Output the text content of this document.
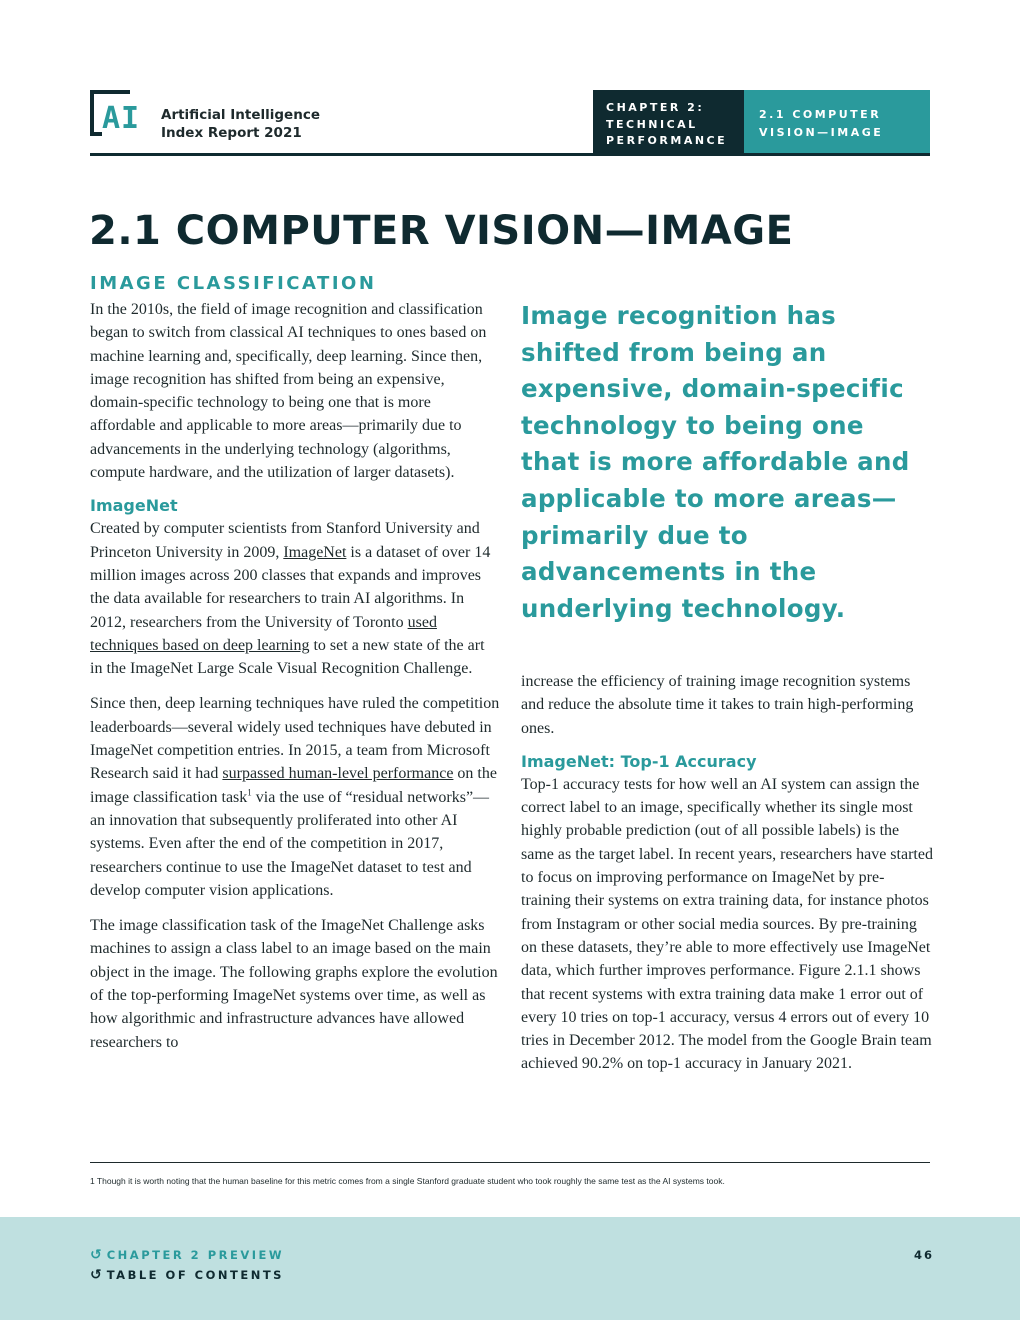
AI Artificial Intelligence
Index Report 2021
CHAPTER 2:
TECHNICAL
PERFORMANCE
2.1 COMPUTER
VISION—IMAGE
2.1 COMPUTER VISION—IMAGE
IMAGE CLASSIFICATION

In the 2010s, the field of image recognition and classification began to switch from classical AI techniques to ones based on machine learning and, specifically, deep learning. Since then, image recognition has shifted from being an expensive, domain-specific technology to being one that is more affordable and applicable to more areas—primarily due to advancements in the underlying technology (algorithms, compute hardware, and the utilization of larger datasets).

ImageNet

Created by computer scientists from Stanford University and Princeton University in 2009, ImageNet is a dataset of over 14 million images across 200 classes that expands and improves the data available for researchers to train AI algorithms. In 2012, researchers from the University of Toronto used techniques based on deep learning to set a new state of the art in the ImageNet Large Scale Visual Recognition Challenge.

Since then, deep learning techniques have ruled the competition leaderboards—several widely used techniques have debuted in ImageNet competition entries. In 2015, a team from Microsoft Research said it had surpassed human-level performance on the image classification task$^1$ via the use of “residual networks”—an innovation that subsequently proliferated into other AI systems. Even after the end of the competition in 2017, researchers continue to use the ImageNet dataset to test and develop computer vision applications.

The image classification task of the ImageNet Challenge asks machines to assign a class label to an image based on the main object in the image. The following graphs explore the evolution of the top-performing ImageNet systems over time, as well as how algorithmic and infrastructure advances have allowed researchers to

Image recognition has shifted from being an expensive, domain-specific technology to being one that is more affordable and applicable to more areas—primarily due to advancements in the underlying technology.

increase the efficiency of training image recognition systems and reduce the absolute time it takes to train high-performing ones.

ImageNet: Top-1 Accuracy

Top-1 accuracy tests for how well an AI system can assign the correct label to an image, specifically whether its single most highly probable prediction (out of all possible labels) is the same as the target label. In recent years, researchers have started to focus on improving performance on ImageNet by pre-training their systems on extra training data, for instance photos from Instagram or other social media sources. By pre-training on these datasets, they’re able to more effectively use ImageNet data, which further improves performance. Figure 2.1.1 shows that recent systems with extra training data make 1 error out of every 10 tries on top-1 accuracy, versus 4 errors out of every 10 tries in December 2012. The model from the Google Brain team achieved 90.2% on top-1 accuracy in January 2021.

1 Though it is worth noting that the human baseline for this metric comes from a single Stanford graduate student who took roughly the same test as the AI systems took.
↺ CHAPTER 2 PREVIEW
↺ TABLE OF CONTENTS
46
